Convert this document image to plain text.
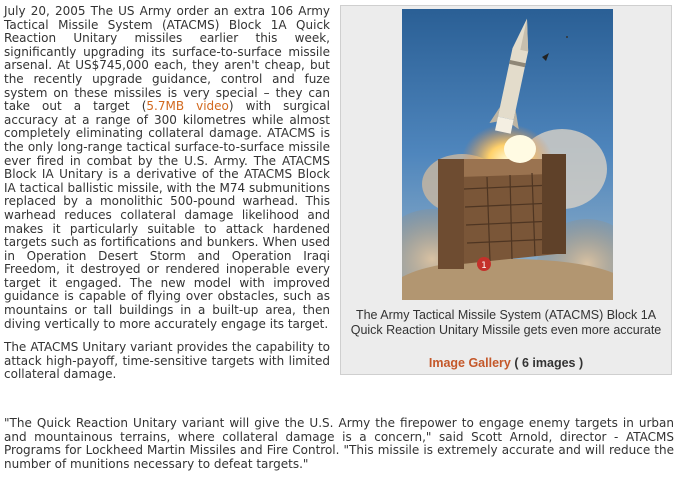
July 20, 2005 The US Army order an extra 106 Army Tactical Missile System (ATACMS) Block 1A Quick Reaction Unitary missiles earlier this week, significantly upgrading its surface-to-surface missile arsenal. At US$745,000 each, they aren't cheap, but the recently upgrade guidance, control and fuze system on these missiles is very special – they can take out a target (5.7MB video) with surgical accuracy at a range of 300 kilometres while almost completely eliminating collateral damage. ATACMS is the only long-range tactical surface-to-surface missile ever fired in combat by the U.S. Army. The ATACMS Block IA Unitary is a derivative of the ATACMS Block IA tactical ballistic missile, with the M74 submunitions replaced by a monolithic 500-pound warhead. This warhead reduces collateral damage likelihood and makes it particularly suitable to attack hardened targets such as fortifications and bunkers. When used in Operation Desert Storm and Operation Iraqi Freedom, it destroyed or rendered inoperable every target it engaged. The new model with improved guidance is capable of flying over obstacles, such as mountains or tall buildings in a built-up area, then diving vertically to more accurately engage its target.

The ATACMS Unitary variant provides the capability to attack high-payoff, time-sensitive targets with limited collateral damage.

1
The Army Tactical Missile System (ATACMS) Block 1A Quick Reaction Unitary Missile gets even more accurate
Image Gallery ( 6 images )

"The Quick Reaction Unitary variant will give the U.S. Army the firepower to engage enemy targets in urban and mountainous terrains, where collateral damage is a concern," said Scott Arnold, director - ATACMS Programs for Lockheed Martin Missiles and Fire Control. "This missile is extremely accurate and will reduce the number of munitions necessary to defeat targets."
